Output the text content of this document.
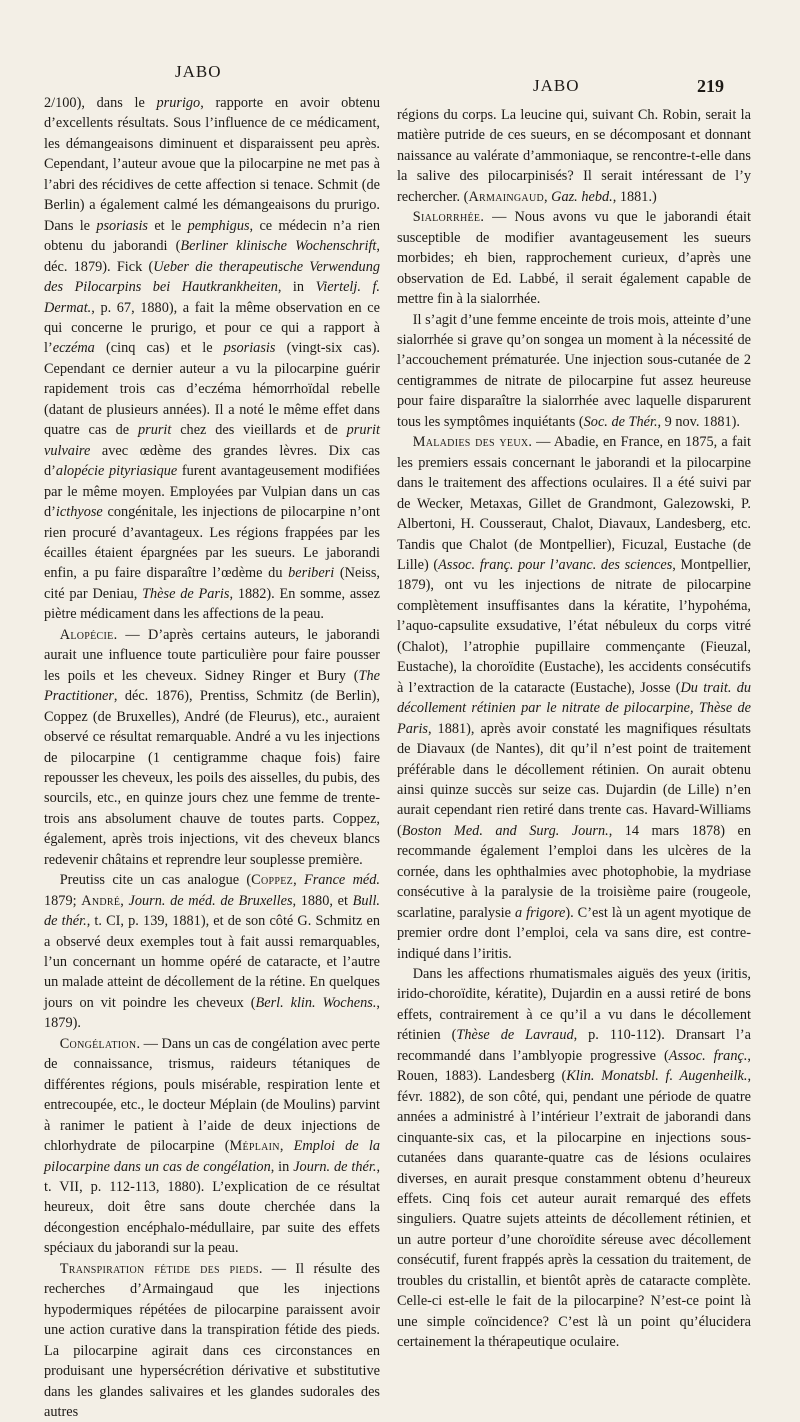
JABO
JABO	219

2/100), dans le prurigo, rapporte en avoir obtenu d’excellents résultats. Sous l’influence de ce médicament, les démangeaisons diminuent et disparaissent peu après. Cependant, l’auteur avoue que la pilocarpine ne met pas à l’abri des récidives de cette affection si tenace. Schmit (de Berlin) a également calmé les démangeaisons du prurigo. Dans le psoriasis et le pemphigus, ce médecin n’a rien obtenu du jaborandi (Berliner klinische Wochenschrift, déc. 1879). Fick (Ueber die therapeutische Verwendung des Pilocarpins bei Hautkrankheiten, in Viertelj. f. Dermat., p. 67, 1880), a fait la même observation en ce qui concerne le prurigo, et pour ce qui a rapport à l’eczéma (cinq cas) et le psoriasis (vingt-six cas). Cependant ce dernier auteur a vu la pilocarpine guérir rapidement trois cas d’eczéma hémorrhoïdal rebelle (datant de plusieurs années). Il a noté le même effet dans quatre cas de prurit chez des vieillards et de prurit vulvaire avec œdème des grandes lèvres. Dix cas d’alopécie pityriasique furent avantageusement modifiées par le même moyen. Employées par Vulpian dans un cas d’icthyose congénitale, les injections de pilocarpine n’ont rien procuré d’avantageux. Les régions frappées par les écailles étaient épargnées par les sueurs. Le jaborandi enfin, a pu faire disparaître l’œdème du beriberi (Neiss, cité par Deniau, Thèse de Paris, 1882). En somme, assez piètre médicament dans les affections de la peau.

Alopécie. — D’après certains auteurs, le jaborandi aurait une influence toute particulière pour faire pousser les poils et les cheveux. Sidney Ringer et Bury (The Practitioner, déc. 1876), Prentiss, Schmitz (de Berlin), Coppez (de Bruxelles), André (de Fleurus), etc., auraient observé ce résultat remarquable. André a vu les injections de pilocarpine (1 centigramme chaque fois) faire repousser les cheveux, les poils des aisselles, du pubis, des sourcils, etc., en quinze jours chez une femme de trente-trois ans absolument chauve de toutes parts. Coppez, également, après trois injections, vit des cheveux blancs redevenir châtains et reprendre leur souplesse première.

Preutiss cite un cas analogue (Coppez, France méd. 1879; André, Journ. de méd. de Bruxelles, 1880, et Bull. de thér., t. CI, p. 139, 1881), et de son côté G. Schmitz en a observé deux exemples tout à fait aussi remarquables, l’un concernant un homme opéré de cataracte, et l’autre un malade atteint de décollement de la rétine. En quelques jours on vit poindre les cheveux (Berl. klin. Wochens., 1879).

Congélation. — Dans un cas de congélation avec perte de connaissance, trismus, raideurs tétaniques de différentes régions, pouls misérable, respiration lente et entrecoupée, etc., le docteur Méplain (de Moulins) parvint à ranimer le patient à l’aide de deux injections de chlorhydrate de pilocarpine (Méplain, Emploi de la pilocarpine dans un cas de congélation, in Journ. de thér., t. VII, p. 112-113, 1880). L’explication de ce résultat heureux, doit être sans doute cherchée dans la décongestion encéphalo-médullaire, par suite des effets spéciaux du jaborandi sur la peau.

Transpiration fétide des pieds. — Il résulte des recherches d’Armaingaud que les injections hypodermiques répétées de pilocarpine paraissent avoir une action curative dans la transpiration fétide des pieds. La pilocarpine agirait dans ces circonstances en produisant une hypersécrétion dérivative et substitutive dans les glandes salivaires et les glandes sudorales des autres

régions du corps. La leucine qui, suivant Ch. Robin, serait la matière putride de ces sueurs, en se décomposant et donnant naissance au valérate d’ammoniaque, se rencontre-t-elle dans la salive des pilocarpinisés? Il serait intéressant de l’y rechercher. (Armaingaud, Gaz. hebd., 1881.)

Sialorrhée. — Nous avons vu que le jaborandi était susceptible de modifier avantageusement les sueurs morbides; eh bien, rapprochement curieux, d’après une observation de Ed. Labbé, il serait également capable de mettre fin à la sialorrhée.

Il s’agit d’une femme enceinte de trois mois, atteinte d’une sialorrhée si grave qu’on songea un moment à la nécessité de l’accouchement prématurée. Une injection sous-cutanée de 2 centigrammes de nitrate de pilocarpine fut assez heureuse pour faire disparaître la sialorrhée avec laquelle disparurent tous les symptômes inquiétants (Soc. de Thér., 9 nov. 1881).

Maladies des yeux. — Abadie, en France, en 1875, a fait les premiers essais concernant le jaborandi et la pilocarpine dans le traitement des affections oculaires. Il a été suivi par de Wecker, Metaxas, Gillet de Grandmont, Galezowski, P. Albertoni, H. Cousseraut, Chalot, Diavaux, Landesberg, etc. Tandis que Chalot (de Montpellier), Ficuzal, Eustache (de Lille) (Assoc. franç. pour l’avanc. des sciences, Montpellier, 1879), ont vu les injections de nitrate de pilocarpine complètement insuffisantes dans la kératite, l’hypohéma, l’aquo-capsulite exsudative, l’état nébuleux du corps vitré (Chalot), l’atrophie pupillaire commençante (Fieuzal, Eustache), la choroïdite (Eustache), les accidents consécutifs à l’extraction de la cataracte (Eustache), Josse (Du trait. du décollement rétinien par le nitrate de pilocarpine, Thèse de Paris, 1881), après avoir constaté les magnifiques résultats de Diavaux (de Nantes), dit qu’il n’est point de traitement préférable dans le décollement rétinien. On aurait obtenu ainsi quinze succès sur seize cas. Dujardin (de Lille) n’en aurait cependant rien retiré dans trente cas. Havard-Williams (Boston Med. and Surg. Journ., 14 mars 1878) en recommande également l’emploi dans les ulcères de la cornée, dans les ophthalmies avec photophobie, la mydriase consécutive à la paralysie de la troisième paire (rougeole, scarlatine, paralysie a frigore). C’est là un agent myotique de premier ordre dont l’emploi, cela va sans dire, est contre-indiqué dans l’iritis.

Dans les affections rhumatismales aiguës des yeux (iritis, irido-choroïdite, kératite), Dujardin en a aussi retiré de bons effets, contrairement à ce qu’il a vu dans le décollement rétinien (Thèse de Lavraud, p. 110-112). Dransart l’a recommandé dans l’amblyopie progressive (Assoc. franç., Rouen, 1883). Landesberg (Klin. Monatsbl. f. Augenheilk., févr. 1882), de son côté, qui, pendant une période de quatre années a administré à l’intérieur l’extrait de jaborandi dans cinquante-six cas, et la pilocarpine en injections sous-cutanées dans quarante-quatre cas de lésions oculaires diverses, en aurait presque constamment obtenu d’heureux effets. Cinq fois cet auteur aurait remarqué des effets singuliers. Quatre sujets atteints de décollement rétinien, et un autre porteur d’une choroïdite séreuse avec décollement consécutif, furent frappés après la cessation du traitement, de troubles du cristallin, et bientôt après de cataracte complète. Celle-ci est-elle le fait de la pilocarpine? N’est-ce point là une simple coïncidence? C’est là un point qu’élucidera certainement la thérapeutique oculaire.
